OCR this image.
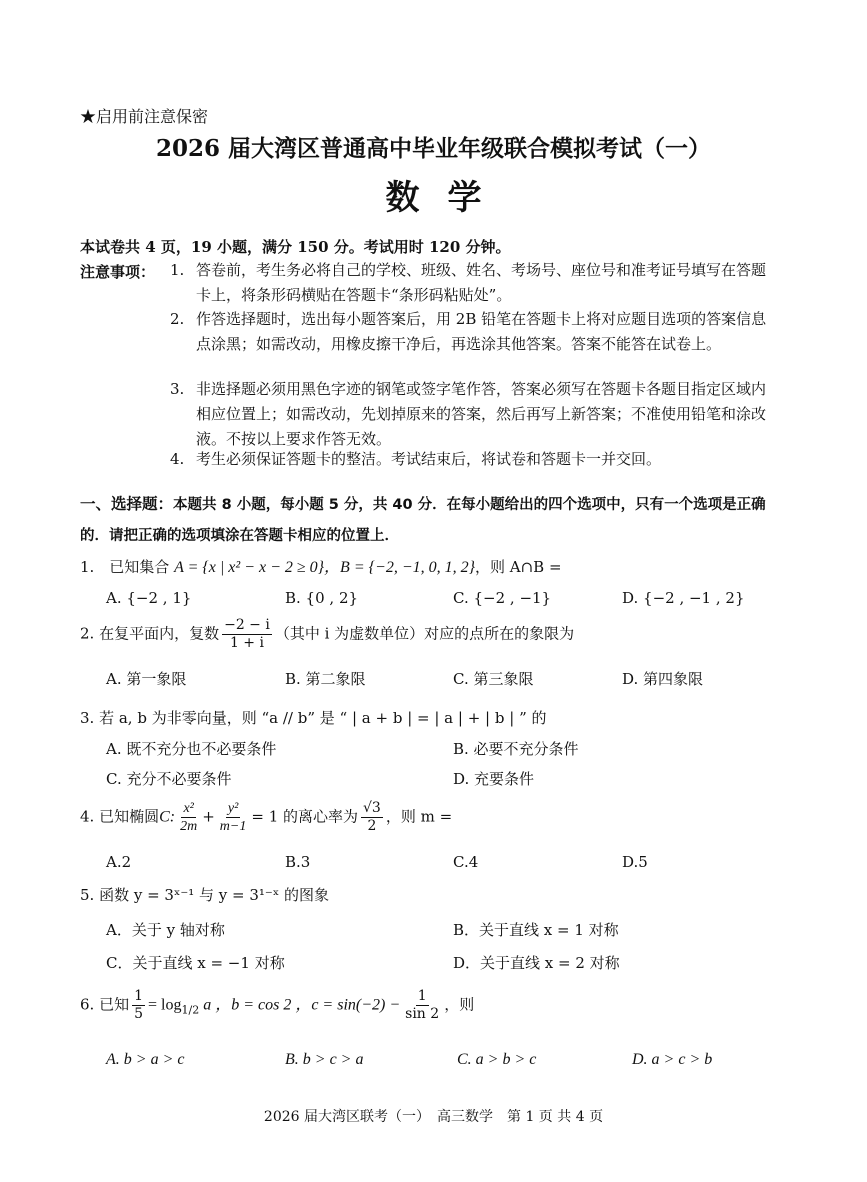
★启用前注意保密
2026 届大湾区普通高中毕业年级联合模拟考试（一）
数学
本试卷共 4 页，19 小题，满分 150 分。考试用时 120 分钟。
注意事项： 1. 答卷前，考生务必将自己的学校、班级、姓名、考场号、座位号和准考证号填写在答题卡上，将条形码横贴在答题卡“条形码粘贴处”。
2. 作答选择题时，选出每小题答案后，用 2B 铅笔在答题卡上将对应题目选项的答案信息点涂黑；如需改动，用橡皮擦干净后，再选涂其他答案。答案不能答在试卷上。
3. 非选择题必须用黑色字迹的钢笔或签字笔作答，答案必须写在答题卡各题目指定区域内相应位置上；如需改动，先划掉原来的答案，然后再写上新答案；不准使用铅笔和涂改液。不按以上要求作答无效。
4. 考生必须保证答题卡的整洁。考试结束后，将试卷和答题卡一并交回。
一、选择题：本题共 8 小题，每小题 5 分，共 40 分．在每小题给出的四个选项中，只有一个选项是正确的．请把正确的选项填涂在答题卡相应的位置上．
1.　已知集合 A = {x | x² − x − 2 ≥ 0}，B = {−2, −1, 0, 1, 2}，则 A∩B =
A. {−2 , 1}	B. {0 , 2}	C. {−2 , −1}	D. {−2 , −1 , 2}
2. 在复平面内，复数 $\frac{-2 - i}{1 + i}$ （其中 i 为虚数单位）对应的点所在的象限为
A. 第一象限	B. 第二象限	C. 第三象限	D. 第四象限
3. 若 a, b 为非零向量，则 “a // b” 是 “ | a + b | = | a | + | b | ” 的
A. 既不充分也不必要条件	B. 必要不充分条件
C. 充分不必要条件	D. 充要条件
4. 已知椭圆C: $\frac{\text{x²}}{2m} + \frac{\text{y²}}{m-1} = 1$ 的离心率为 $\frac{√3}{2}$ ，则 m =
A.2	B.3	C.4	D.5
5. 函数 y = 3ˣ⁻¹ 与 y = 3¹⁻ˣ 的图象
A．关于 y 轴对称	B．关于直线 x = 1 对称
C．关于直线 x = −1 对称	D．关于直线 x = 2 对称
6. 已知 $\frac{1}{5} = \log_{1/2} a$ ，b = cos 2 ，$c = \sin(-2) - \frac{1}{\sin 2}$ ，则
A. b > a > c	B. b > c > a	C. a > b > c	D. a > c > b
2026 届大湾区联考（一）　高三数学　第 1 页 共 4 页
